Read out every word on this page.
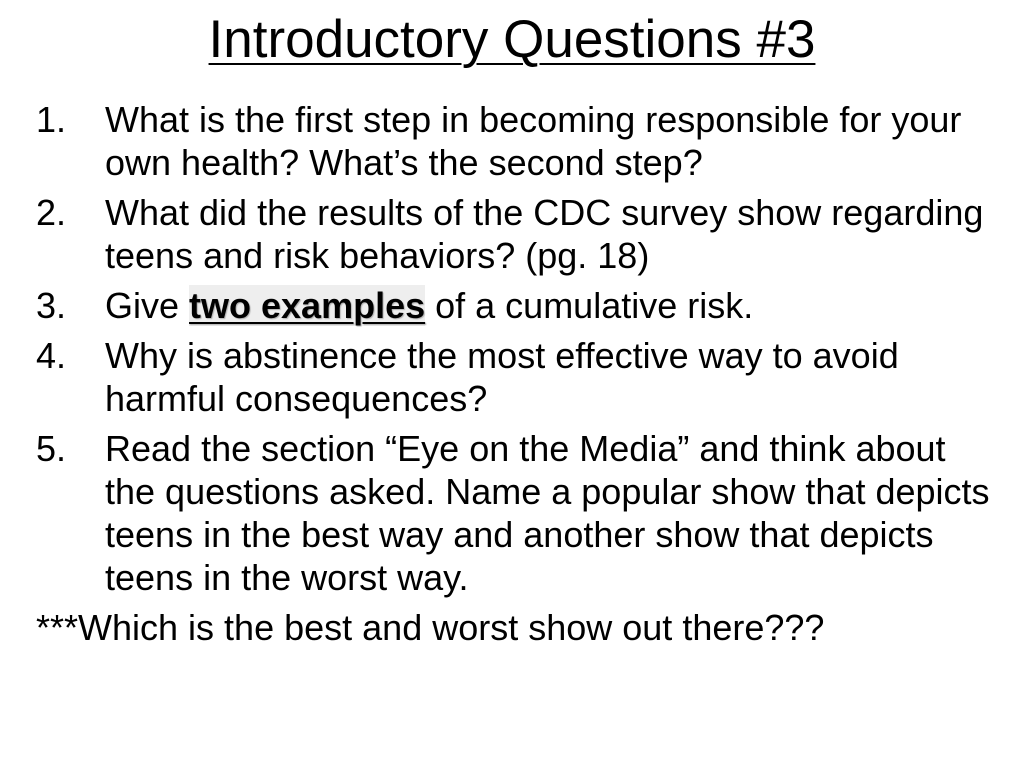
Introductory Questions #3
1. What is the first step in becoming responsible for your own health? What’s the second step?
2. What did the results of the CDC survey show regarding teens and risk behaviors? (pg. 18)
3. Give two examples of a cumulative risk.
4. Why is abstinence the most effective way to avoid harmful consequences?
5. Read the section “Eye on the Media” and think about the questions asked. Name a popular show that depicts teens in the best way and another show that depicts teens in the worst way.

***Which is the best and worst show out there???
